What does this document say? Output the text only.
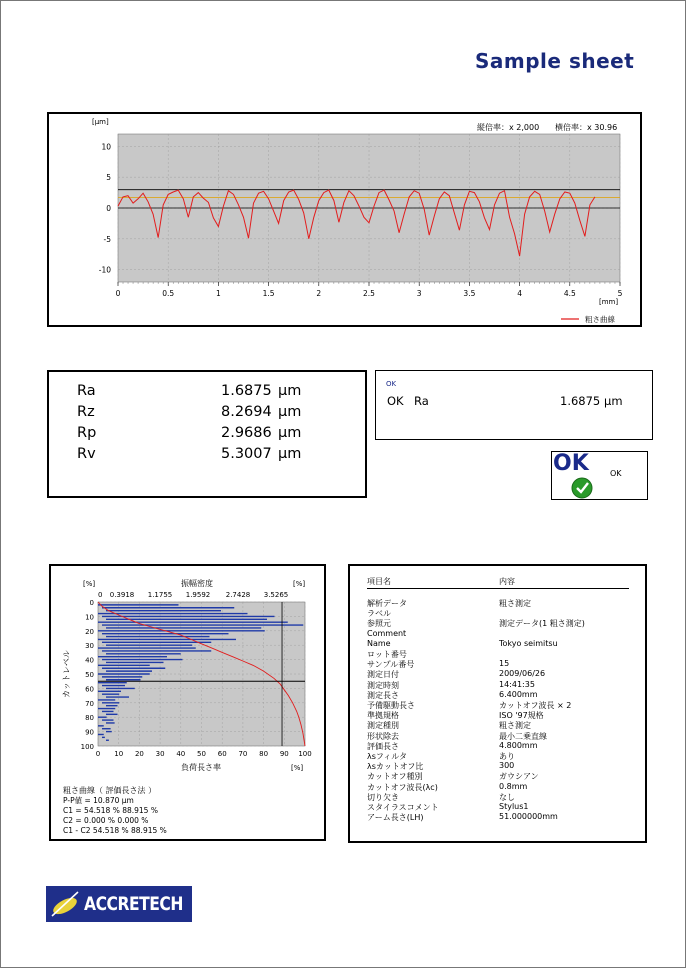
Sample sheet
[μm]
縦倍率：x 2,000 横倍率：x 30.96
10
5
0
-5
-10
0	0.5	1	1.5	2	2.5	3	3.5	4	4.5	5
[mm]
粗さ曲線
Ra	1.6875 μm
Rz	8.2694 μm
Rp	2.9686 μm
Rv	5.3007 μm
OK
OK Ra	1.6875 μm
OK	OK
[%]	振幅密度	[%]
0 0.3918 1.1755 1.9592 2.7428 3.5265
0
10
20
30
40
50
60
70
80
90
100
0 10 20 30 40 50 60 70 80 90 100
カットレベル
負荷長さ率	[%]
粗さ曲線（ 評価長さ法 ）
P-P値 = 10.870 μm
C1 = 54.518 % 88.915 %
C2 = 0.000 % 0.000 %
C1 - C2 54.518 % 88.915 %
項目名	内容
解析データ	粗さ測定
ラベル
参照元	測定データ(1 粗さ測定)
Comment
Name	Tokyo seimitsu
ロット番号
サンプル番号	15
測定日付	2009/06/26
測定時刻	14:41:35
測定長さ	6.400mm
予備駆動長さ	カットオフ波長 × 2
準拠規格	ISO '97規格
測定種別	粗さ測定
形状除去	最小二乗直線
評価長さ	4.800mm
λsフィルタ	あり
λsカットオフ比	300
カットオフ種別	ガウシアン
カットオフ波長(λc)	0.8mm
切り欠き	なし
スタイラスコメント	Stylus1
アーム長さ(LH)	51.000000mm
ACCRETECH
